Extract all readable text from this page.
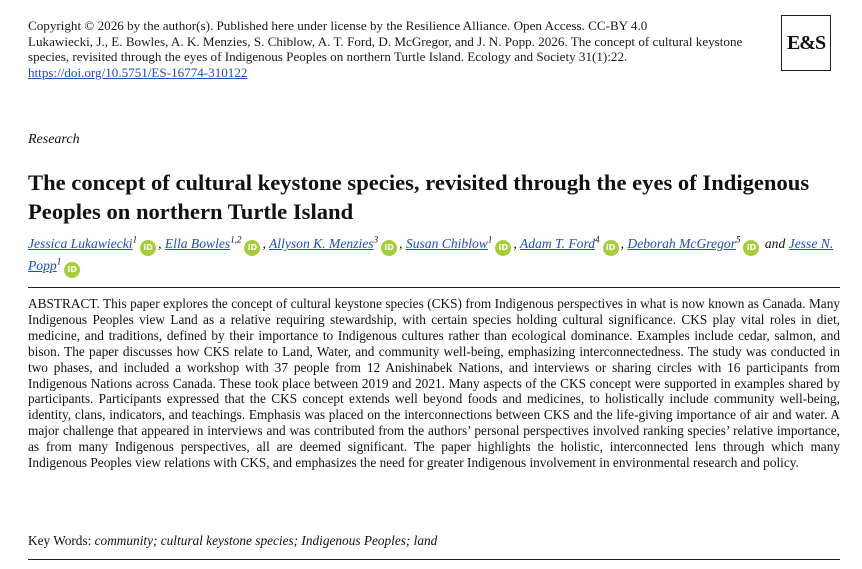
Copyright © 2026 by the author(s). Published here under license by the Resilience Alliance. Open Access. CC-BY 4.0
Lukawiecki, J., E. Bowles, A. K. Menzies, S. Chiblow, A. T. Ford, D. McGregor, and J. N. Popp. 2026. The concept of cultural keystone species, revisited through the eyes of Indigenous Peoples on northern Turtle Island. Ecology and Society 31(1):22. https://doi.org/10.5751/ES-16774-310122
E&S
Research
The concept of cultural keystone species, revisited through the eyes of Indigenous Peoples on northern Turtle Island
Jessica Lukawiecki$^1$iD , Ella Bowles$^{1,2}$iD , Allyson K. Menzies$^3$iD , Susan Chiblow$^1$iD , Adam T. Ford$^4$iD , Deborah McGregor$^5$iD and Jesse N. Popp$^1$iD
ABSTRACT. This paper explores the concept of cultural keystone species (CKS) from Indigenous perspectives in what is now known as Canada. Many Indigenous Peoples view Land as a relative requiring stewardship, with certain species holding cultural significance. CKS play vital roles in diet, medicine, and traditions, defined by their importance to Indigenous cultures rather than ecological dominance. Examples include cedar, salmon, and bison. The paper discusses how CKS relate to Land, Water, and community well-being, emphasizing interconnectedness. The study was conducted in two phases, and included a workshop with 37 people from 12 Anishinabek Nations, and interviews or sharing circles with 16 participants from Indigenous Nations across Canada. These took place between 2019 and 2021. Many aspects of the CKS concept were supported in examples shared by participants. Participants expressed that the CKS concept extends well beyond foods and medicines, to holistically include community well-being, identity, clans, indicators, and teachings. Emphasis was placed on the interconnections between CKS and the life-giving importance of air and water. A major challenge that appeared in interviews and was contributed from the authors’ personal perspectives involved ranking species’ relative importance, as from many Indigenous perspectives, all are deemed significant. The paper highlights the holistic, interconnected lens through which many Indigenous Peoples view relations with CKS, and emphasizes the need for greater Indigenous involvement in environmental research and policy.
Key Words: community; cultural keystone species; Indigenous Peoples; land
